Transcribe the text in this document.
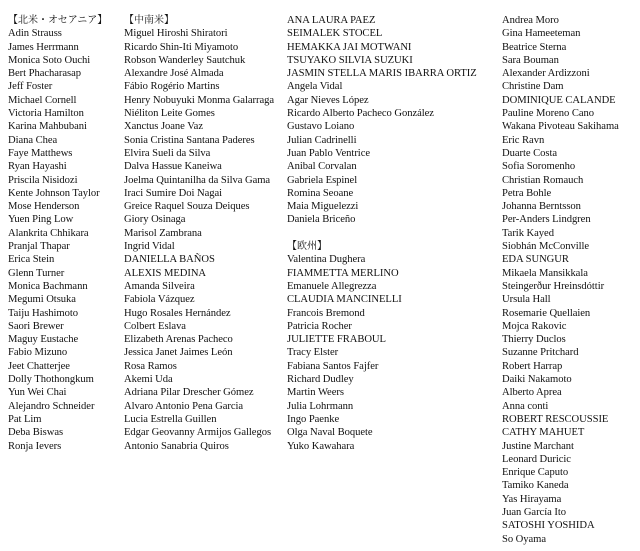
【北米・オセアニア】
Adin Strauss
James Herrmann
Monica Soto Ouchi
Bert Phacharasap
Jeff Foster
Michael Cornell
Victoria Hamilton
Karina Mahbubani
Diana Chea
Faye Matthews
Ryan Hayashi
Priscila Nisidozi
Kente Johnson Taylor
Mose Henderson
Yuen Ping Low
Alankrita Chhikara
Pranjal Thapar
Erica Stein
Glenn Turner
Monica Bachmann
Megumi Otsuka
Taiju Hashimoto
Saori Brewer
Maguy Eustache
Fabio Mizuno
Jeet Chatterjee
Dolly Thothongkum
Yun Wei Chai
Alejandro Schneider
Pat Lim
Deba Biswas
Ronja Ievers
【中南米】
Miguel Hiroshi Shiratori
Ricardo Shin-Iti Miyamoto
Robson Wanderley Sautchuk
Alexandre José Almada
Fábio Rogério Martins
Henry Nobuyuki Monma Galarraga
Niéliton Leite Gomes
Xanctus Joane Vaz
Sonia Cristina Santana Paderes
Elvira Sueli da Silva
Dalva Hassue Kaneiwa
Joelma Quintanilha da Silva Gama
Iraci Sumire Doi Nagai
Greice Raquel Souza Deiques
Giory Osinaga
Marisol Zambrana
Ingrid Vidal
DANIELLA BAÑOS
ALEXIS MEDINA
Amanda Silveira
Fabiola Vázquez
Hugo Rosales Hernández
Colbert Eslava
Elizabeth Arenas Pacheco
Jessica Janet Jaimes León
Rosa Ramos
Akemi Uda
Adriana Pilar Drescher Gómez
Alvaro Antonio Pena Garcia
Lucia Estrella Guillen
Edgar Geovanny Armijos Gallegos
Antonio Sanabria Quiros
ANA LAURA PAEZ
SEIMALEK STOCEL
HEMAKKA JAI MOTWANI
TSUYAKO SILVIA SUZUKI
JASMIN STELLA MARIS IBARRA ORTIZ
Angela Vidal
Agar Nieves López
Ricardo Alberto Pacheco González
Gustavo Loiano
Julian Cadrinelli
Juan Pablo Ventrice
Anibal Corvalan
Gabriela Espinel
Romina Seoane
Maia Miguelezzi
Daniela Briceño
【欧州】
Valentina Dughera
FIAMMETTA MERLINO
Emanuele Allegrezza
CLAUDIA MANCINELLI
Francois Bremond
Patricia Rocher
JULIETTE FRABOUL
Tracy Elster
Fabiana Santos Fajfer
Richard Dudley
Martin Weers
Julia Lohrmann
Ingo Paenke
Olga Naval Boquete
Yuko Kawahara
Andrea Moro
Gina Hameeteman
Beatrice Sterna
Sara Bouman
Alexander Ardizzoni
Christine Dam
DOMINIQUE CALANDE
Pauline Moreno Cano
Wakana Pivoteau Sakihama
Eric Ravn
Duarte Costa
Sofia Soromenho
Christian Romauch
Petra Bohle
Johanna Berntsson
Per-Anders Lindgren
Tarik Kayed
Siobhán McConville
EDA SUNGUR
Mikaela Mansikkala
Steingerður Hreinsdóttir
Ursula Hall
Rosemarie Quellaien
Mojca Rakovic
Thierry Duclos
Suzanne Pritchard
Robert Harrap
Daiki Nakamoto
Alberto Aprea
Anna conti
ROBERT RESCOUSSIE
CATHY MAHUET
Justine Marchant
Leonard Duricic
Enrique Caputo
Tamiko Kaneda
Yas Hirayama
Juan García Ito
SATOSHI YOSHIDA
So Oyama
